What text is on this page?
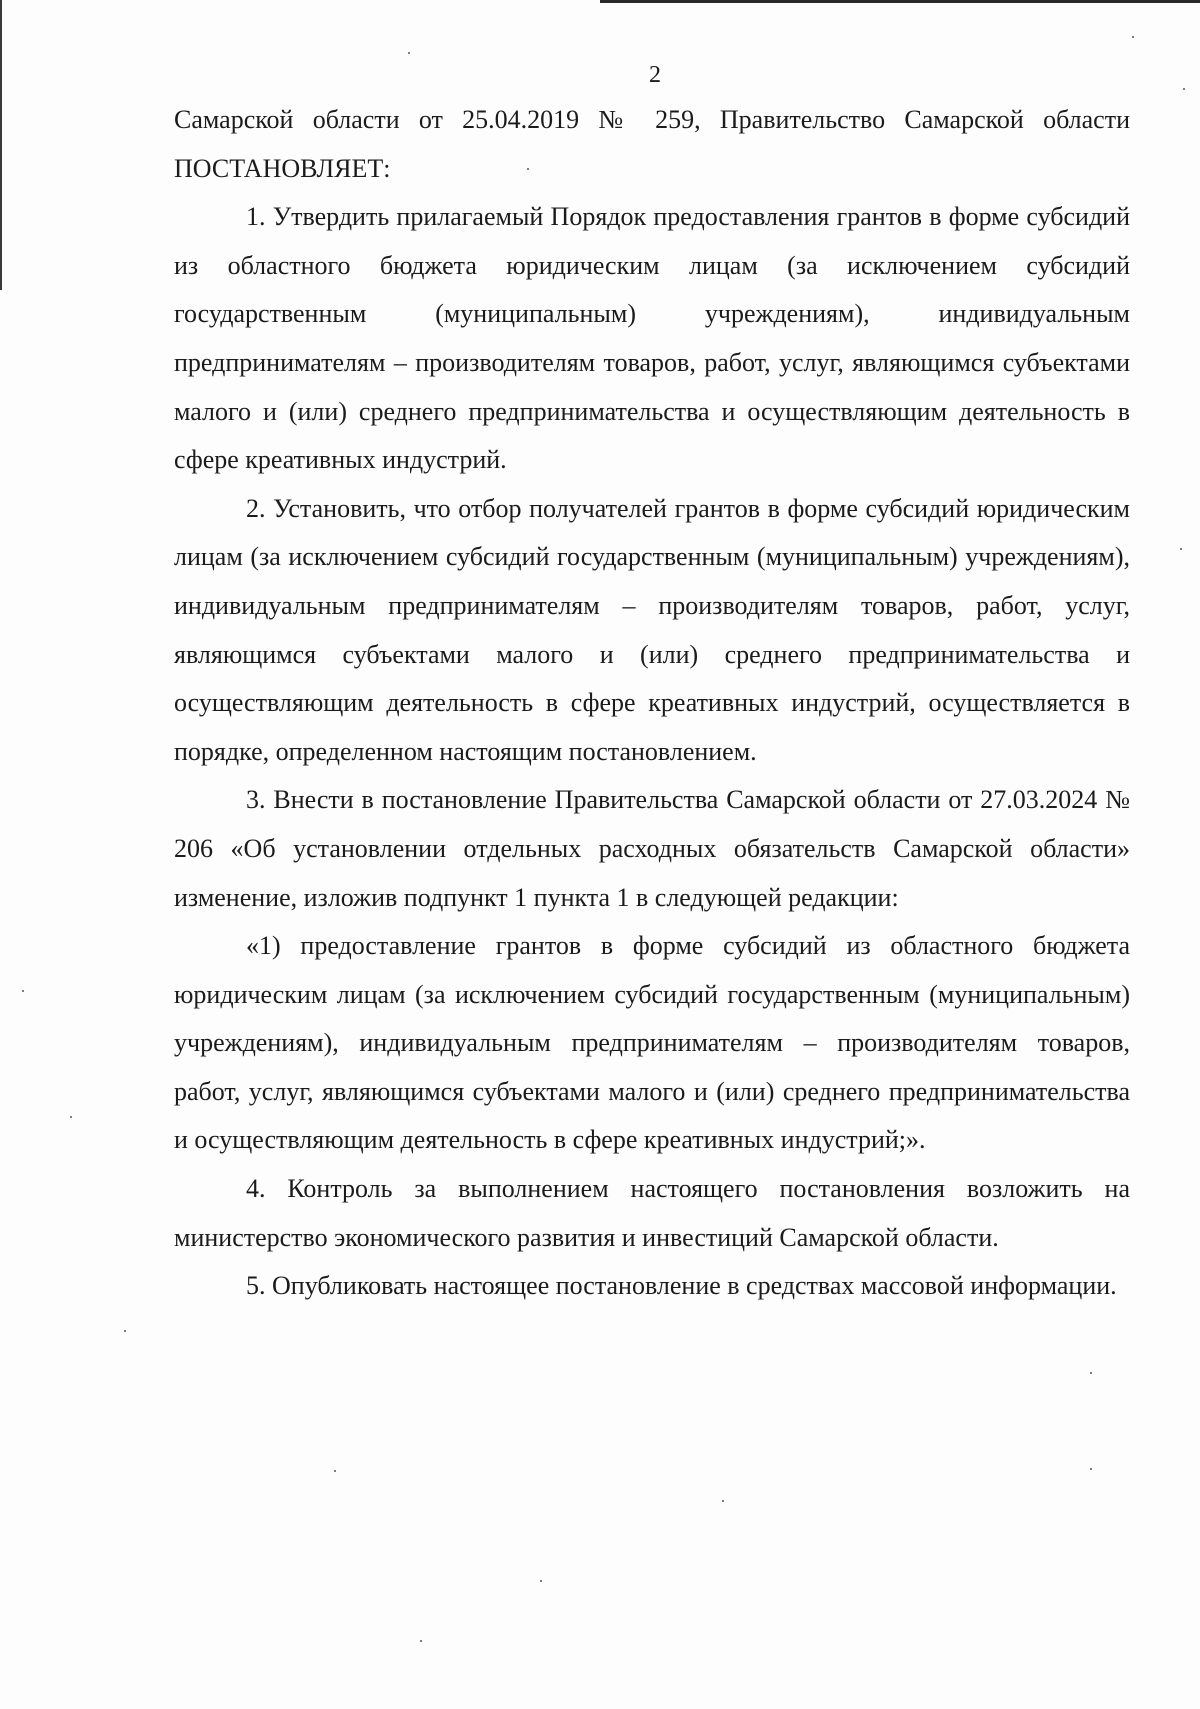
2

Самарской области от 25.04.2019 № 259, Правительство Самарской области ПОСТАНОВЛЯЕТ:

1. Утвердить прилагаемый Порядок предоставления грантов в форме субсидий из областного бюджета юридическим лицам (за исключением субсидий государственным (муниципальным) учреждениям), индивидуальным предпринимателям – производителям товаров, работ, услуг, являющимся субъектами малого и (или) среднего предпринимательства и осуществляющим деятельность в сфере креативных индустрий.

2. Установить, что отбор получателей грантов в форме субсидий юридическим лицам (за исключением субсидий государственным (муниципальным) учреждениям), индивидуальным предпринимателям – производителям товаров, работ, услуг, являющимся субъектами малого и (или) среднего предпринимательства и осуществляющим деятельность в сфере креативных индустрий, осуществляется в порядке, определенном настоящим постановлением.

3. Внести в постановление Правительства Самарской области от 27.03.2024 № 206 «Об установлении отдельных расходных обязательств Самарской области» изменение, изложив подпункт 1 пункта 1 в следующей редакции:

«1) предоставление грантов в форме субсидий из областного бюджета юридическим лицам (за исключением субсидий государственным (муниципальным) учреждениям), индивидуальным предпринимателям – производителям товаров, работ, услуг, являющимся субъектами малого и (или) среднего предпринимательства и осуществляющим деятельность в сфере креативных индустрий;».

4. Контроль за выполнением настоящего постановления возложить на министерство экономического развития и инвестиций Самарской области.

5. Опубликовать настоящее постановление в средствах массовой информации.
